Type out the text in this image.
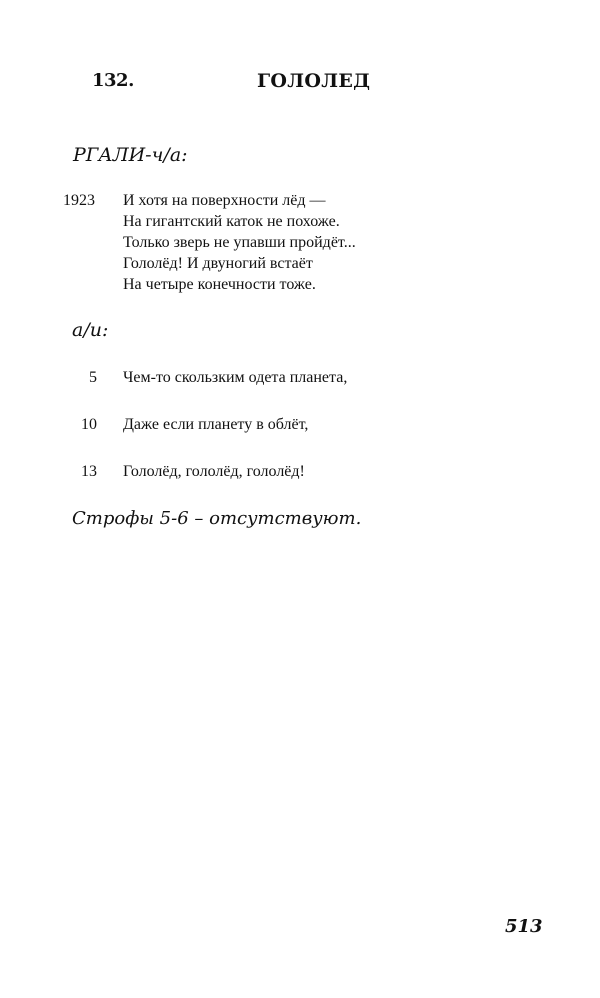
132.	ГОЛОЛЕД
РГАЛИ-ч/а:
1923 И хотя на поверхности лёд —
На гигантский каток не похоже.
Только зверь не упавши пройдёт...
Гололёд! И двуногий встаёт
На четыре конечности тоже.
а/и:
5 Чем-то скользким одета планета,
10 Даже если планету в облёт,
13 Гололёд, гололёд, гололёд!
Строфы 5-6 – отсутствуют.
513
